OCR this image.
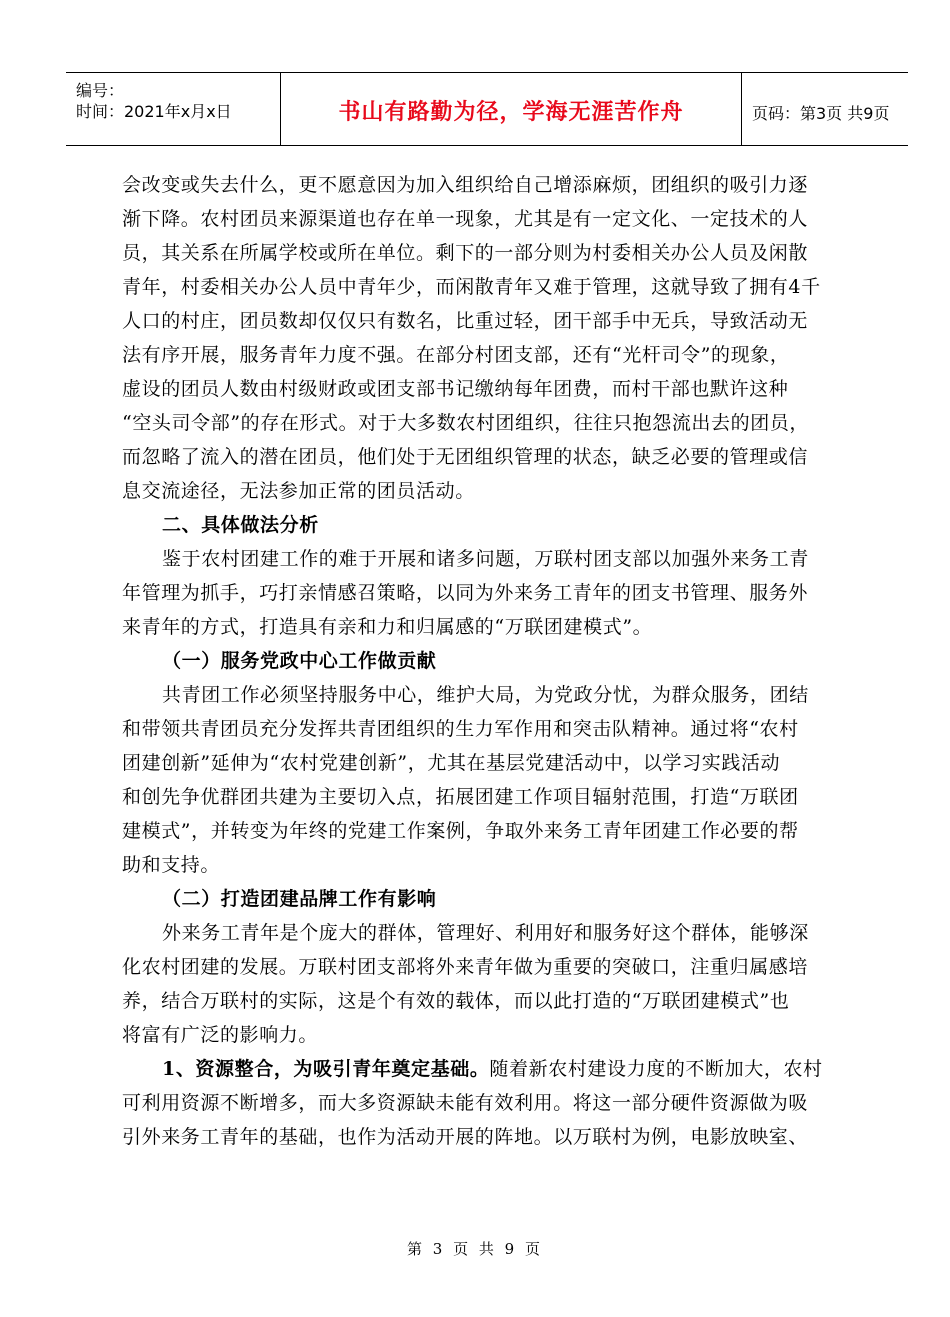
编号：
时间：2021年x月x日	书山有路勤为径，学海无涯苦作舟	页码：第3页 共9页
会改变或失去什么，更不愿意因为加入组织给自己增添麻烦，团组织的吸引力逐
渐下降。农村团员来源渠道也存在单一现象，尤其是有一定文化、一定技术的人
员，其关系在所属学校或所在单位。剩下的一部分则为村委相关办公人员及闲散
青年，村委相关办公人员中青年少，而闲散青年又难于管理，这就导致了拥有4千
人口的村庄，团员数却仅仅只有数名，比重过轻，团干部手中无兵，导致活动无
法有序开展，服务青年力度不强。在部分村团支部，还有“光杆司令”的现象，
虚设的团员人数由村级财政或团支部书记缴纳每年团费，而村干部也默许这种
“空头司令部”的存在形式。对于大多数农村团组织，往往只抱怨流出去的团员，
而忽略了流入的潜在团员，他们处于无团组织管理的状态，缺乏必要的管理或信
息交流途径，无法参加正常的团员活动。
二、具体做法分析
鉴于农村团建工作的难于开展和诸多问题，万联村团支部以加强外来务工青
年管理为抓手，巧打亲情感召策略，以同为外来务工青年的团支书管理、服务外
来青年的方式，打造具有亲和力和归属感的“万联团建模式”。
（一）服务党政中心工作做贡献
共青团工作必须坚持服务中心，维护大局，为党政分忧，为群众服务，团结
和带领共青团员充分发挥共青团组织的生力军作用和突击队精神。通过将“农村
团建创新”延伸为“农村党建创新”，尤其在基层党建活动中，以学习实践活动
和创先争优群团共建为主要切入点，拓展团建工作项目辐射范围，打造“万联团
建模式”，并转变为年终的党建工作案例，争取外来务工青年团建工作必要的帮
助和支持。
（二）打造团建品牌工作有影响
外来务工青年是个庞大的群体，管理好、利用好和服务好这个群体，能够深
化农村团建的发展。万联村团支部将外来青年做为重要的突破口，注重归属感培
养，结合万联村的实际，这是个有效的载体，而以此打造的“万联团建模式”也
将富有广泛的影响力。
1、资源整合，为吸引青年奠定基础。随着新农村建设力度的不断加大，农村
可利用资源不断增多，而大多资源缺未能有效利用。将这一部分硬件资源做为吸
引外来务工青年的基础，也作为活动开展的阵地。以万联村为例，电影放映室、
第 3 页 共 9 页
